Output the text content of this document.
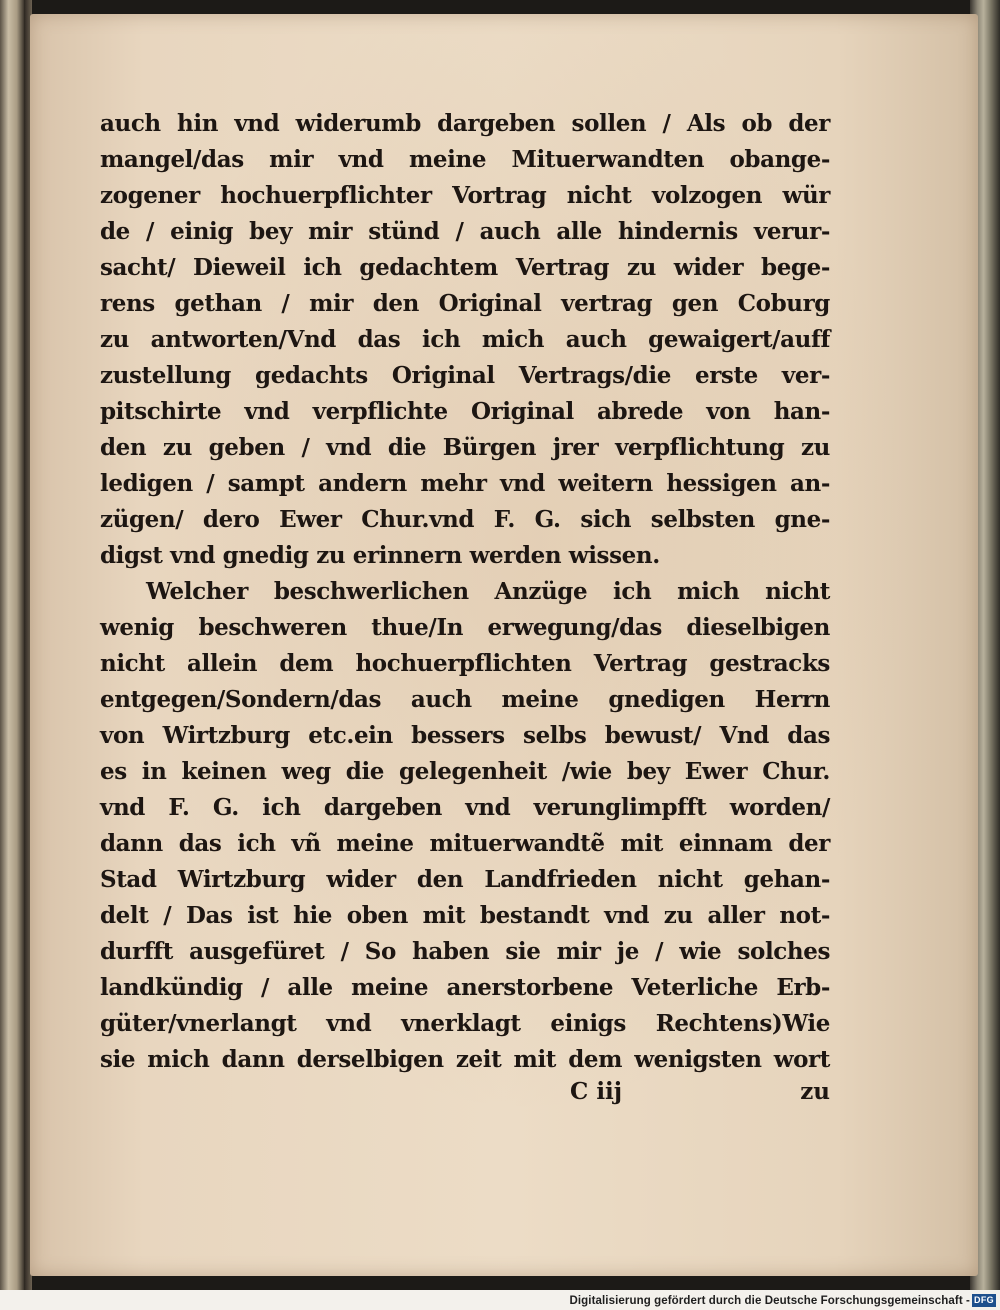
auch hin vnd widerumb dargeben sollen / Als ob der
mangel/das mir vnd meine Mituerwandten obange-
zogener hochuerpflichter Vortrag nicht volzogen wür
de / einig bey mir stünd / auch alle hindernis verur-
sacht/ Dieweil ich gedachtem Vertrag zu wider bege-
rens gethan / mir den Original vertrag gen Coburg
zu antworten/Vnd das ich mich auch gewaigert/auff
zustellung gedachts Original Vertrags/die erste ver-
pitschirte vnd verpflichte Original abrede von han-
den zu geben / vnd die Bürgen jrer verpflichtung zu
ledigen / sampt andern mehr vnd weitern hessigen an-
zügen/ dero Ewer Chur.vnd F. G. sich selbsten gne-
digst vnd gnedig zu erinnern werden wissen.
Welcher beschwerlichen Anzüge ich mich nicht
wenig beschweren thue/In erwegung/das dieselbigen
nicht allein dem hochuerpflichten Vertrag gestracks
entgegen/Sondern/das auch meine gnedigen Herrn
von Wirtzburg etc.ein bessers selbs bewust/ Vnd das
es in keinen weg die gelegenheit /wie bey Ewer Chur.
vnd F. G. ich dargeben vnd verunglimpfft worden/
dann das ich vñ meine mituerwandtẽ mit einnam der
Stad Wirtzburg wider den Landfrieden nicht gehan-
delt / Das ist hie oben mit bestandt vnd zu aller not-
durfft ausgefüret / So haben sie mir je / wie solches
landkündig / alle meine anerstorbene Veterliche Erb-
güter/vnerlangt vnd vnerklagt einigs Rechtens)Wie
sie mich dann derselbigen zeit mit dem wenigsten wort
C iij	zu
Digitalisierung gefördert durch die Deutsche Forschungsgemeinschaft - DFG
